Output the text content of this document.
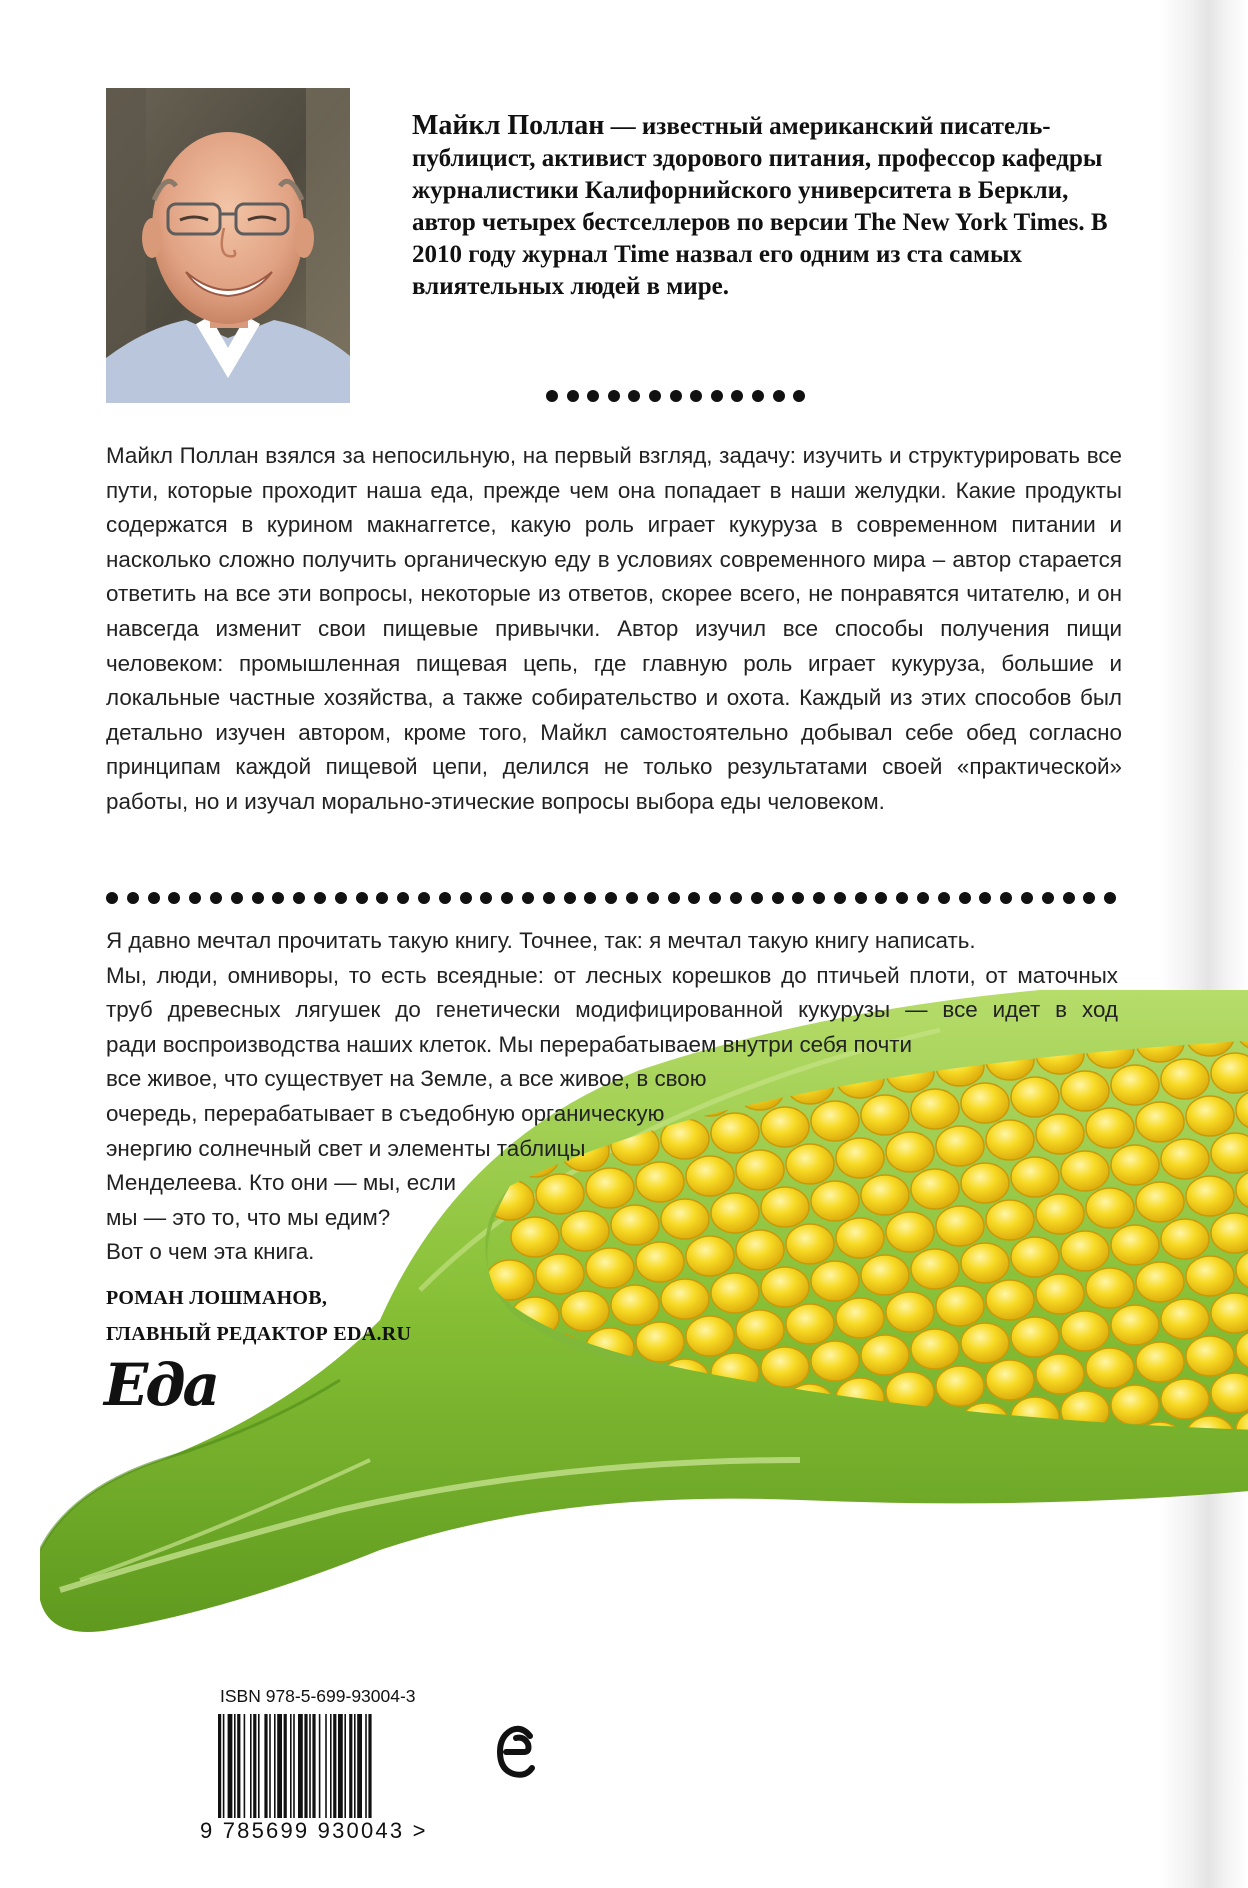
Майкл Поллан — известный американский писатель-публицист, активист здорового питания, профессор кафедры журналистики Калифорнийского университета в Беркли, автор четырех бестселлеров по версии The New York Times. В 2010 году журнал Time назвал его одним из ста самых влиятельных людей в мире.

Майкл Поллан взялся за непосильную, на первый взгляд, задачу: изучить и структурировать все пути, которые проходит наша еда, прежде чем она попадает в наши желудки. Какие продукты содержатся в курином макнаггетсе, какую роль играет кукуруза в современном питании и насколько сложно получить органическую еду в условиях современного мира – автор старается ответить на все эти вопросы, некоторые из ответов, скорее всего, не понравятся читателю, и он навсегда изменит свои пищевые привычки. Автор изучил все способы получения пищи человеком: промышленная пищевая цепь, где главную роль играет кукуруза, большие и локальные частные хозяйства, а также собирательство и охота. Каждый из этих способов был детально изучен автором, кроме того, Майкл самостоятельно добывал себе обед согласно принципам каждой пищевой цепи, делился не только результатами своей «практической» работы, но и изучал морально-этические вопросы выбора еды человеком.

Я давно мечтал прочитать такую книгу. Точнее, так: я мечтал такую книгу написать.
Мы, люди, омниворы, то есть всеядные: от лесных корешков до птичьей плоти, от маточных
труб древесных лягушек до генетически модифицированной кукурузы — все идет в ход
ради воспроизводства наших клеток. Мы перерабатываем внутри себя почти
все живое, что существует на Земле, а все живое, в свою
очередь, перерабатывает в съедобную органическую
энергию солнечный свет и элементы таблицы
Менделеева. Кто они — мы, если
мы — это то, что мы едим?
Вот о чем эта книга.

РОМАН ЛОШМАНОВ,
ГЛАВНЫЙ РЕДАКТОР EDA.RU
Еда
ISBN 978-5-699-93004-3
9 785699 930043 >
